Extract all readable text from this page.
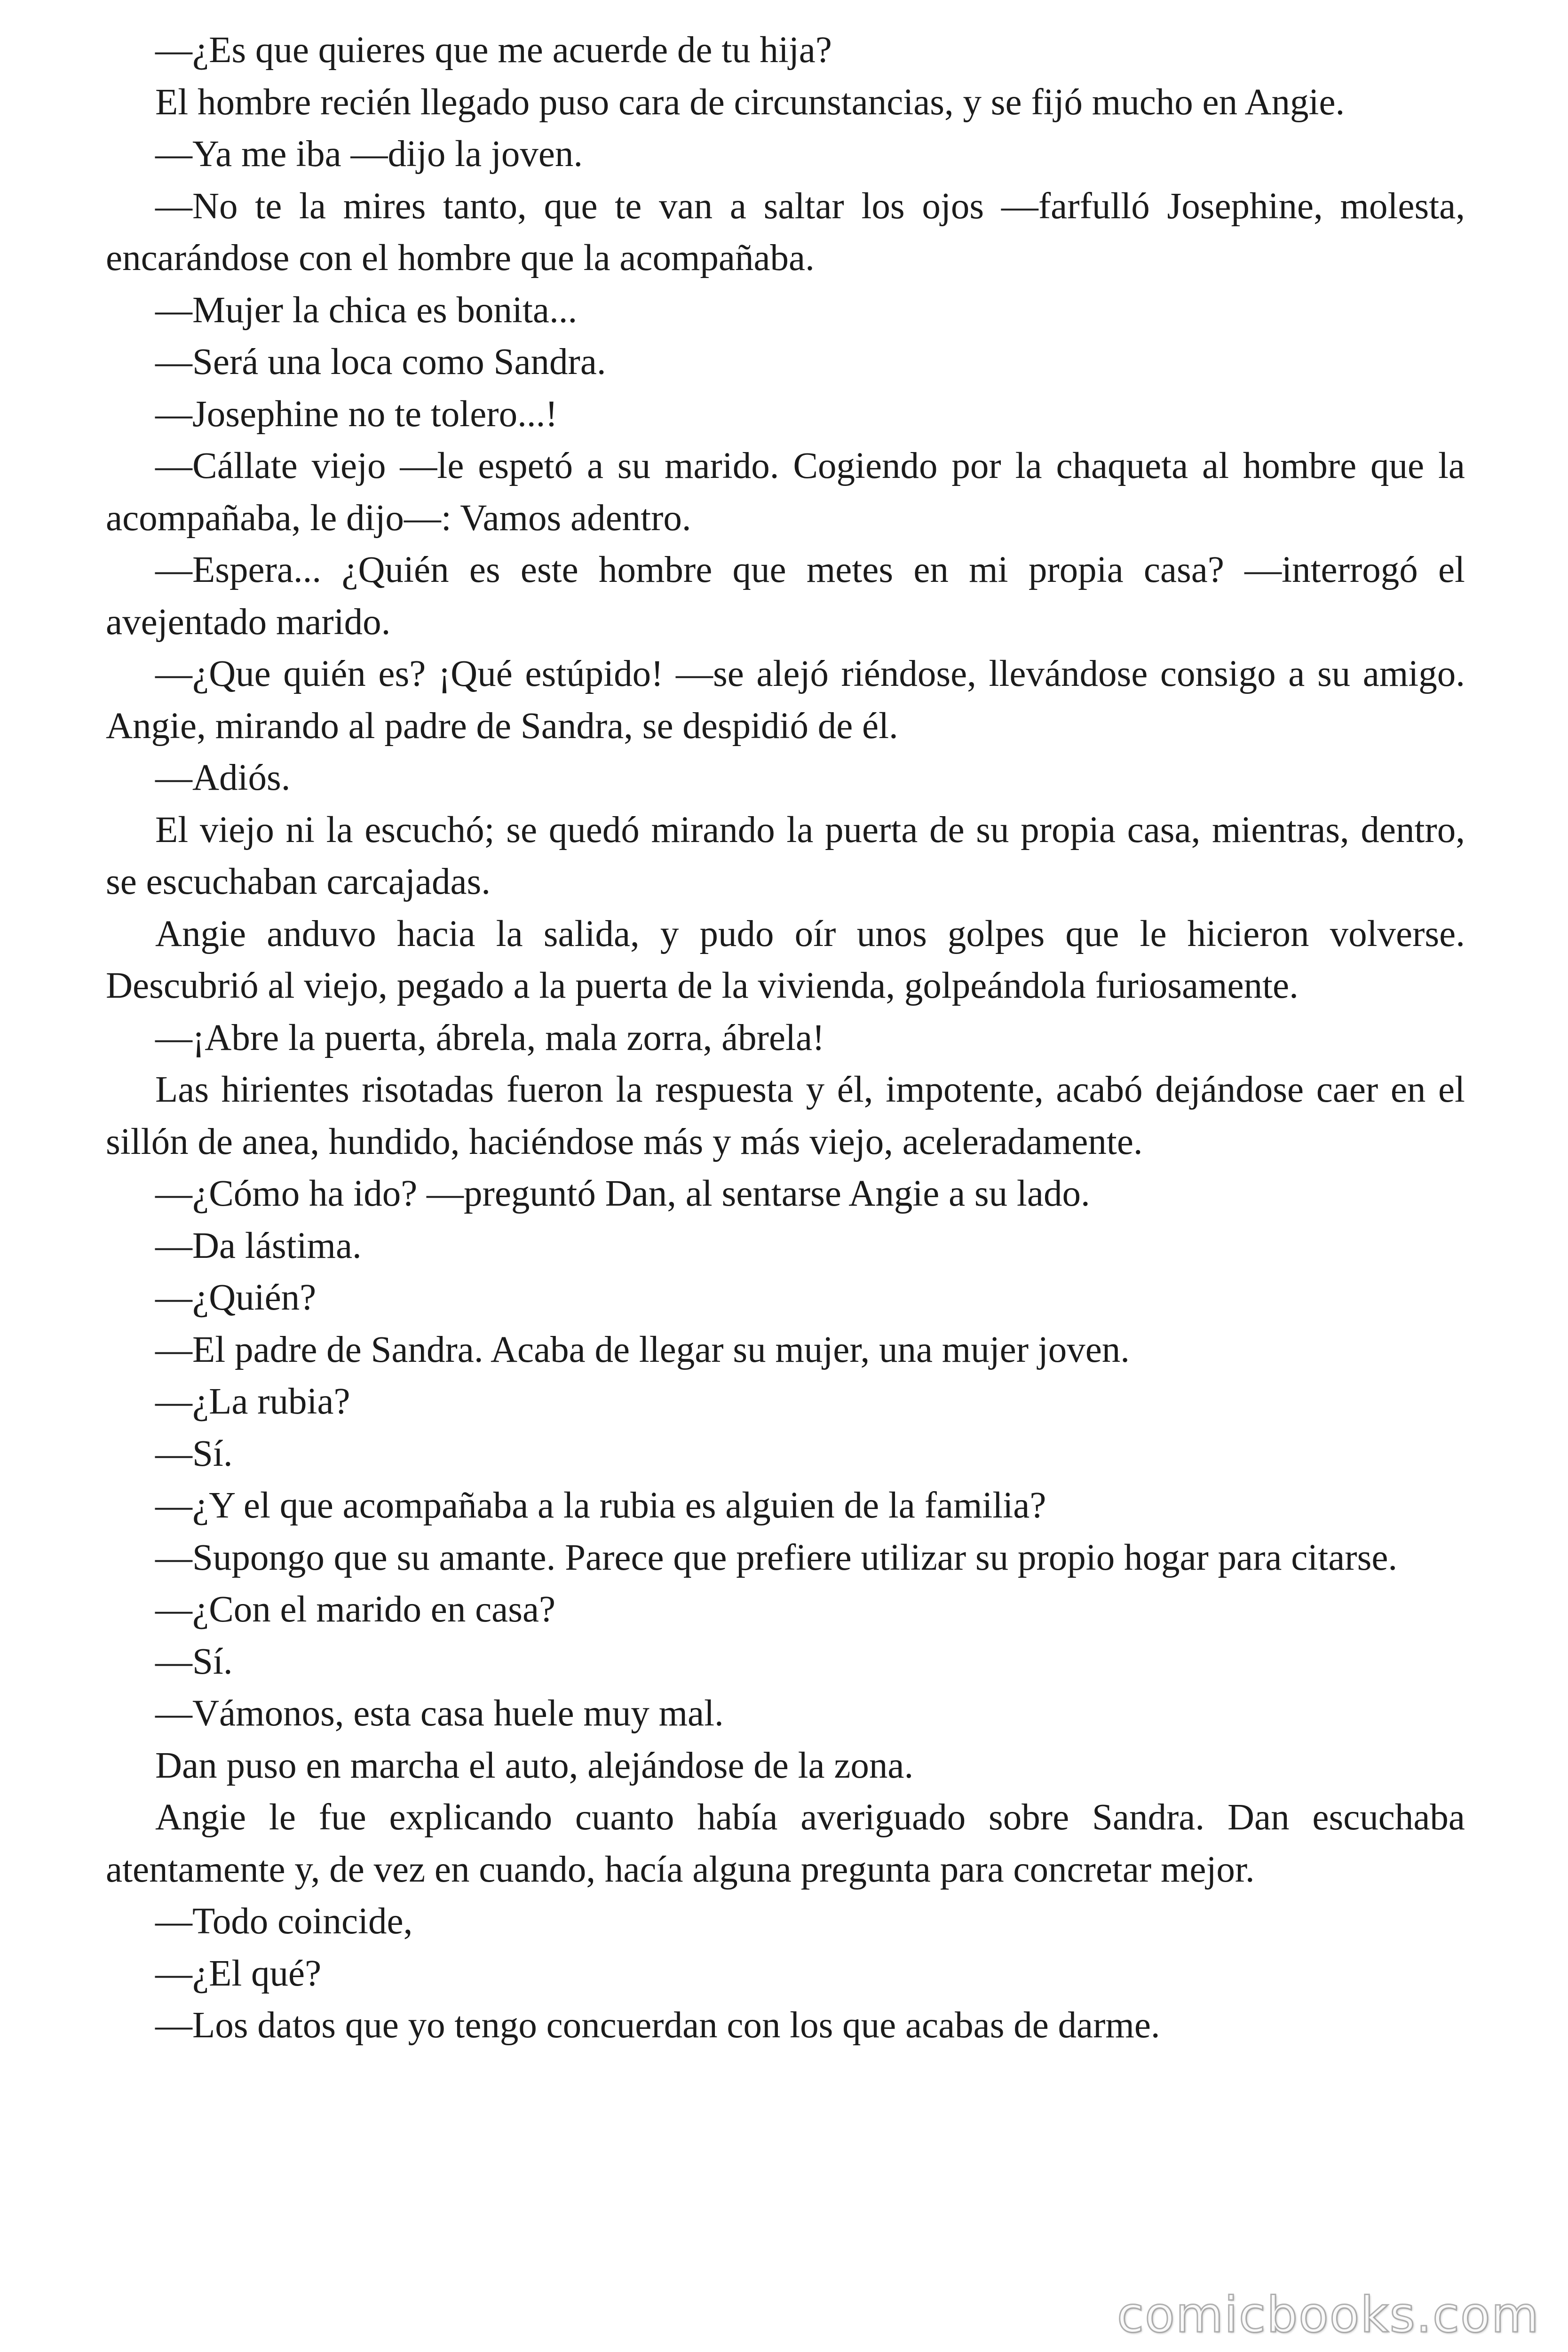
—¿Es que quieres que me acuerde de tu hija?

El hombre recién llegado puso cara de circunstancias, y se fijó mucho en Angie.

—Ya me iba —dijo la joven.

—No te la mires tanto, que te van a saltar los ojos —farfulló Josephine, molesta, encarándose con el hombre que la acompañaba.

—Mujer la chica es bonita...

—Será una loca como Sandra.

—Josephine no te tolero...!

—Cállate viejo —le espetó a su marido. Cogiendo por la chaqueta al hombre que la acompañaba, le dijo—: Vamos adentro.

—Espera... ¿Quién es este hombre que metes en mi propia casa? —interrogó el avejentado marido.

—¿Que quién es? ¡Qué estúpido! —se alejó riéndose, llevándose consigo a su amigo. Angie, mirando al padre de Sandra, se despidió de él.

—Adiós.

El viejo ni la escuchó; se quedó mirando la puerta de su propia casa, mientras, dentro, se escuchaban carcajadas.

Angie anduvo hacia la salida, y pudo oír unos golpes que le hicieron volverse. Descubrió al viejo, pegado a la puerta de la vivienda, golpeándola furiosamente.

—¡Abre la puerta, ábrela, mala zorra, ábrela!

Las hirientes risotadas fueron la respuesta y él, impotente, acabó dejándose caer en el sillón de anea, hundido, haciéndose más y más viejo, aceleradamente.

—¿Cómo ha ido? —preguntó Dan, al sentarse Angie a su lado.

—Da lástima.

—¿Quién?

—El padre de Sandra. Acaba de llegar su mujer, una mujer joven.

—¿La rubia?

—Sí.

—¿Y el que acompañaba a la rubia es alguien de la familia?

—Supongo que su amante. Parece que prefiere utilizar su propio hogar para citarse.

—¿Con el marido en casa?

—Sí.

—Vámonos, esta casa huele muy mal.

Dan puso en marcha el auto, alejándose de la zona.

Angie le fue explicando cuanto había averiguado sobre Sandra. Dan escuchaba atentamente y, de vez en cuando, hacía alguna pregunta para concretar mejor.

—Todo coincide,

—¿El qué?

—Los datos que yo tengo concuerdan con los que acabas de darme.

comicbooks.com
